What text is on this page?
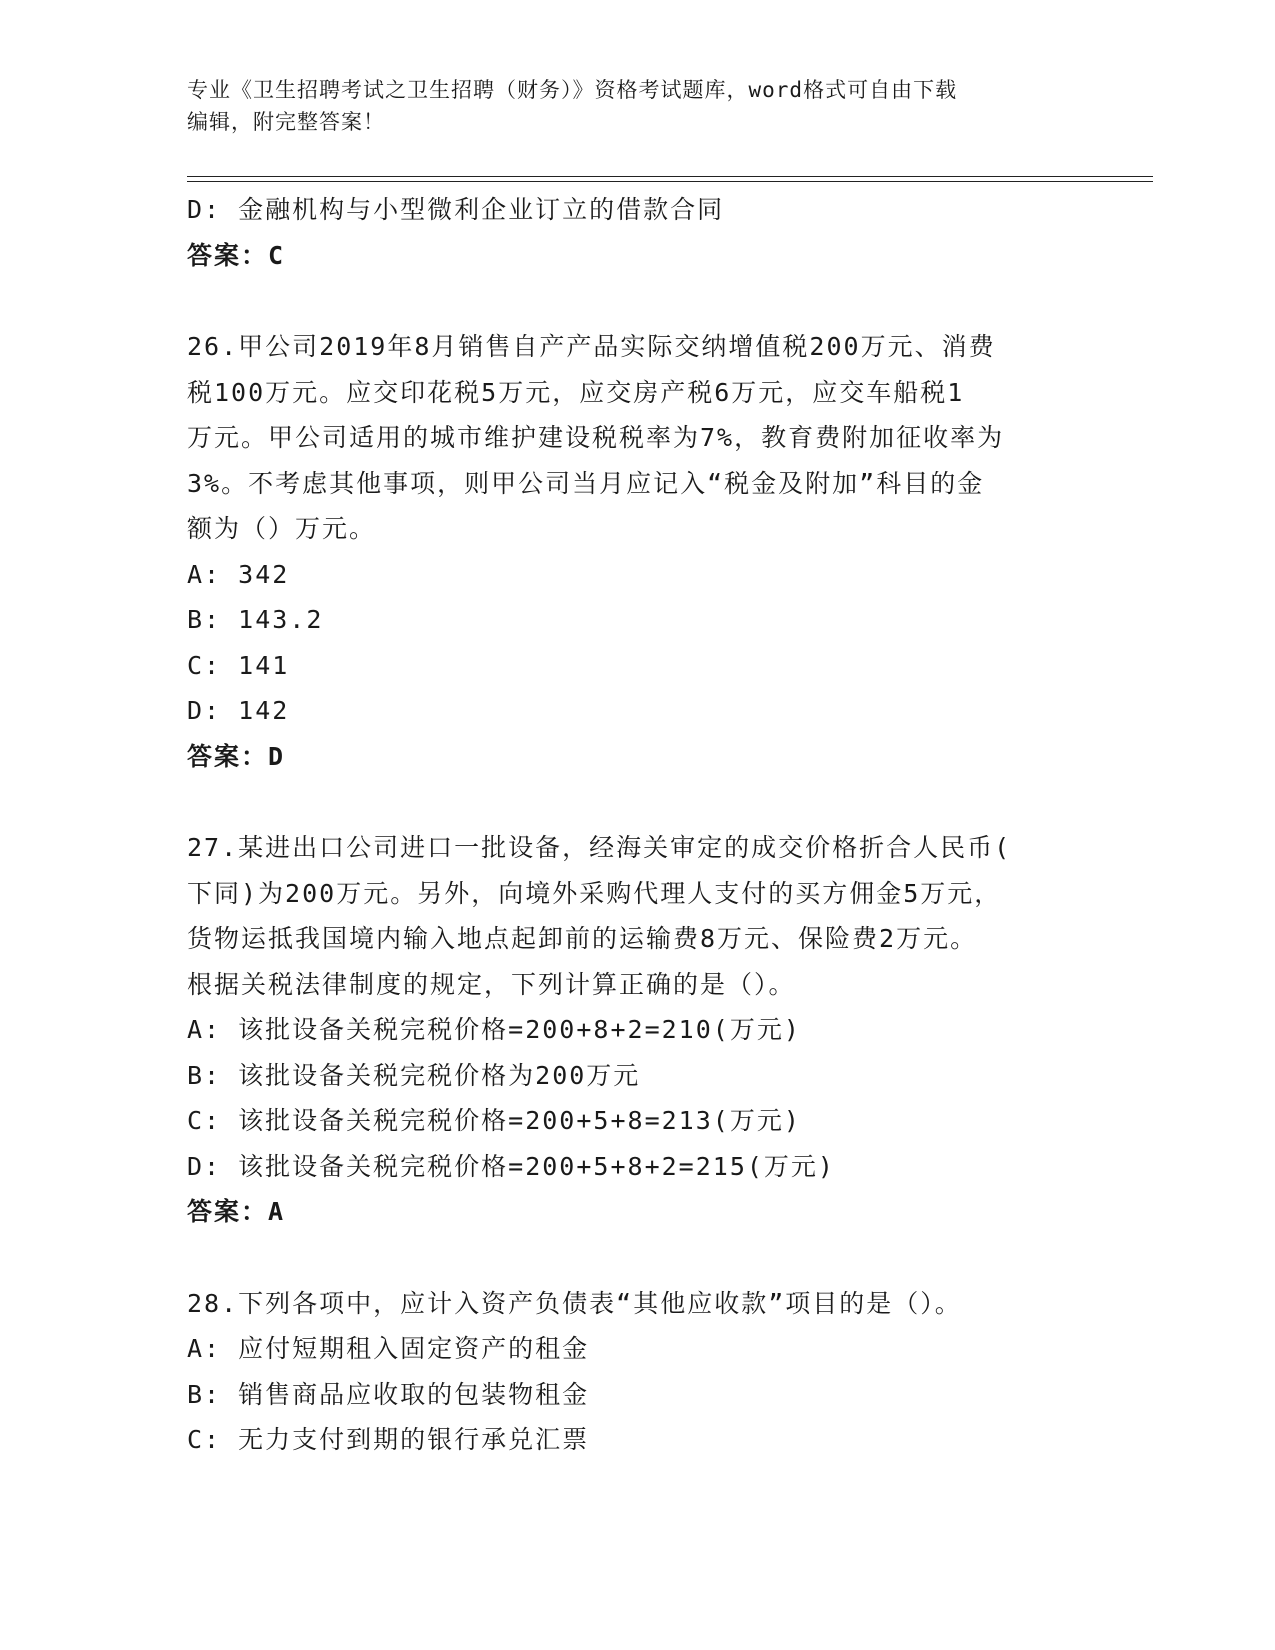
专业《卫生招聘考试之卫生招聘（财务）》资格考试题库，word格式可自由下载
编辑，附完整答案！
D: 金融机构与小型微利企业订立的借款合同
答案：C
26.甲公司2019年8月销售自产产品实际交纳增值税200万元、消费
税100万元。应交印花税5万元，应交房产税6万元，应交车船税1
万元。甲公司适用的城市维护建设税税率为7%，教育费附加征收率为
3%。不考虑其他事项，则甲公司当月应记入“税金及附加”科目的金
额为（）万元。
A: 342
B: 143.2
C: 141
D: 142
答案：D
27.某进出口公司进口一批设备，经海关审定的成交价格折合人民币(
下同)为200万元。另外，向境外采购代理人支付的买方佣金5万元，
货物运抵我国境内输入地点起卸前的运输费8万元、保险费2万元。
根据关税法律制度的规定，下列计算正确的是（）。
A: 该批设备关税完税价格=200+8+2=210(万元)
B: 该批设备关税完税价格为200万元
C: 该批设备关税完税价格=200+5+8=213(万元)
D: 该批设备关税完税价格=200+5+8+2=215(万元)
答案：A
28.下列各项中，应计入资产负债表“其他应收款”项目的是（）。
A: 应付短期租入固定资产的租金
B: 销售商品应收取的包装物租金
C: 无力支付到期的银行承兑汇票
